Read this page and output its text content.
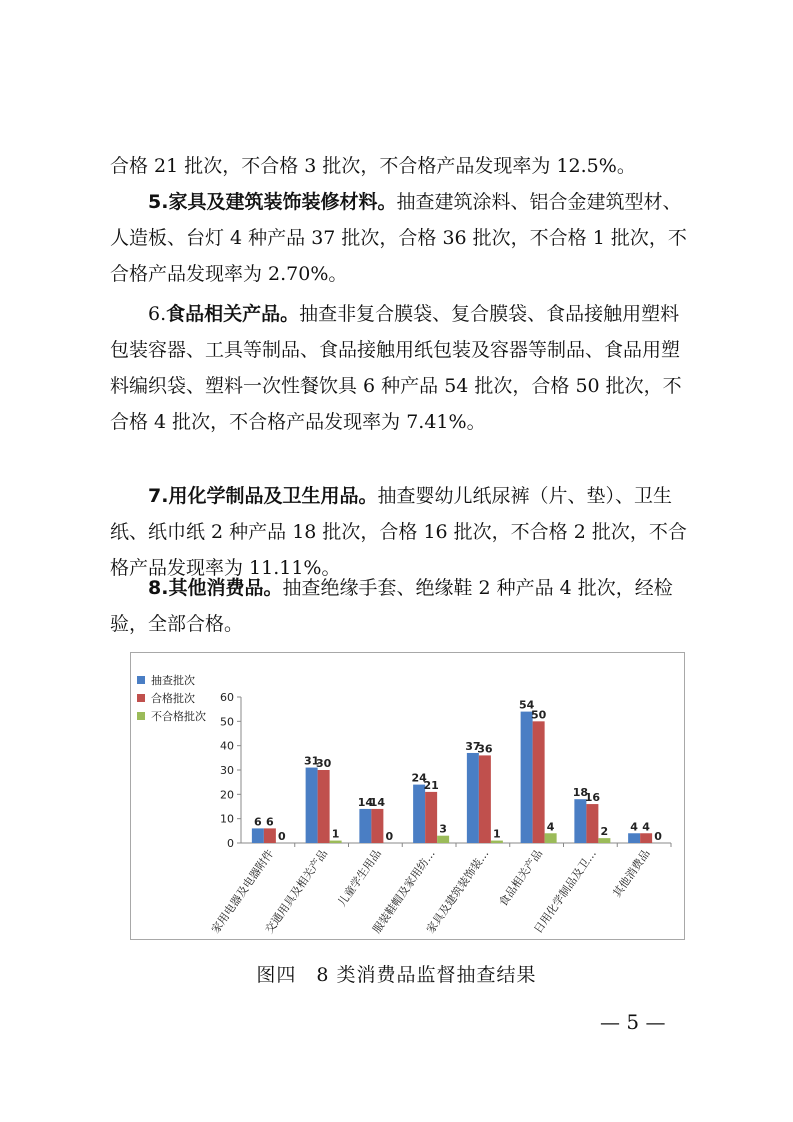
合格 21 批次，不合格 3 批次，不合格产品发现率为 12.5%。

5.家具及建筑装饰装修材料。抽查建筑涂料、铝合金建筑型材、人造板、台灯 4 种产品 37 批次，合格 36 批次，不合格 1 批次，不合格产品发现率为 2.70%。

6.食品相关产品。抽查非复合膜袋、复合膜袋、食品接触用塑料包装容器、工具等制品、食品接触用纸包装及容器等制品、食品用塑料编织袋、塑料一次性餐饮具 6 种产品 54 批次，合格 50 批次，不合格 4 批次，不合格产品发现率为 7.41%。

7.用化学制品及卫生用品。抽查婴幼儿纸尿裤（片、垫）、卫生纸、纸巾纸 2 种产品 18 批次，合格 16 批次，不合格 2 批次，不合格产品发现率为 11.11%。

8.其他消费品。抽查绝缘手套、绝缘鞋 2 种产品 4 批次，经检验，全部合格。

0
10
20
30
40
50
60
6 6
0
家用电器及电器附件
31
30
1
交通用具及相关产品
14
14
0
儿童学生用品
24
21
3
服装鞋帽及家用纺…
37
36
1
家具及建筑装饰装…
54
50
4
食品相关产品
18
16
2
日用化学制品及卫…
4 4
0
其他消费品
抽查批次
合格批次
不合格批次
图四　8 类消费品监督抽查结果
— 5 —
